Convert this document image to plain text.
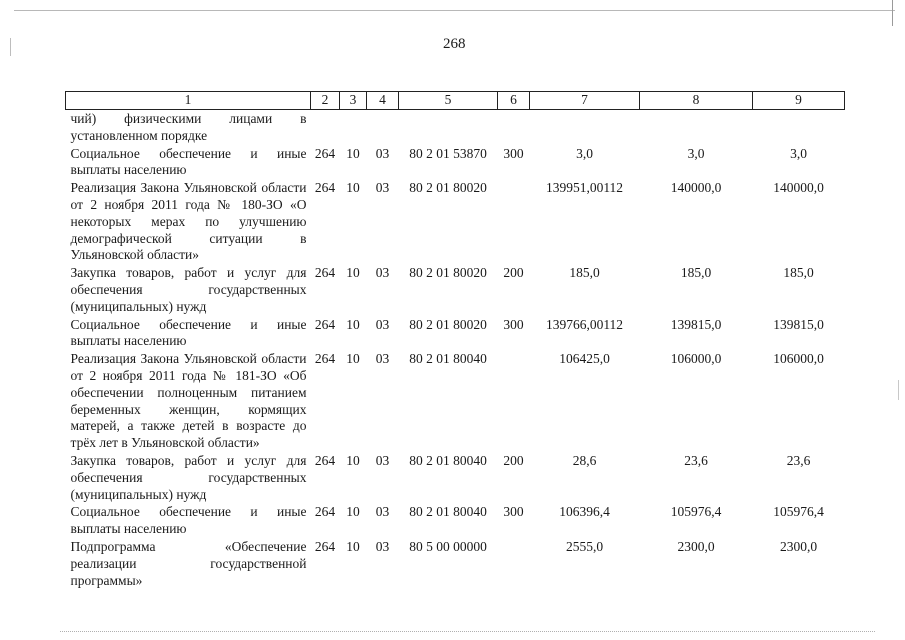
268
1	2	3	4	5	6	7	8	9
чий) физическими лицами в установленном порядке								
Социальное обеспечение и иные выплаты населению	264	10	03	80 2 01 53870	300	3,0	3,0	3,0
Реализация Закона Ульяновской области от 2 ноября 2011 года № 180-ЗО «О некоторых мерах по улучшению демографической ситуации в Ульяновской области»	264	10	03	80 2 01 80020		139951,00112	140000,0	140000,0
Закупка товаров, работ и услуг для обеспечения государственных (муниципальных) нужд	264	10	03	80 2 01 80020	200	185,0	185,0	185,0
Социальное обеспечение и иные выплаты населению	264	10	03	80 2 01 80020	300	139766,00112	139815,0	139815,0
Реализация Закона Ульяновской области от 2 ноября 2011 года № 181-ЗО «Об обеспечении полноценным питанием беременных женщин, кормящих матерей, а также детей в возрасте до трёх лет в Ульяновской области»	264	10	03	80 2 01 80040		106425,0	106000,0	106000,0
Закупка товаров, работ и услуг для обеспечения государственных (муниципальных) нужд	264	10	03	80 2 01 80040	200	28,6	23,6	23,6
Социальное обеспечение и иные выплаты населению	264	10	03	80 2 01 80040	300	106396,4	105976,4	105976,4
Подпрограмма «Обеспечение реализации государственной программы»	264	10	03	80 5 00 00000		2555,0	2300,0	2300,0
